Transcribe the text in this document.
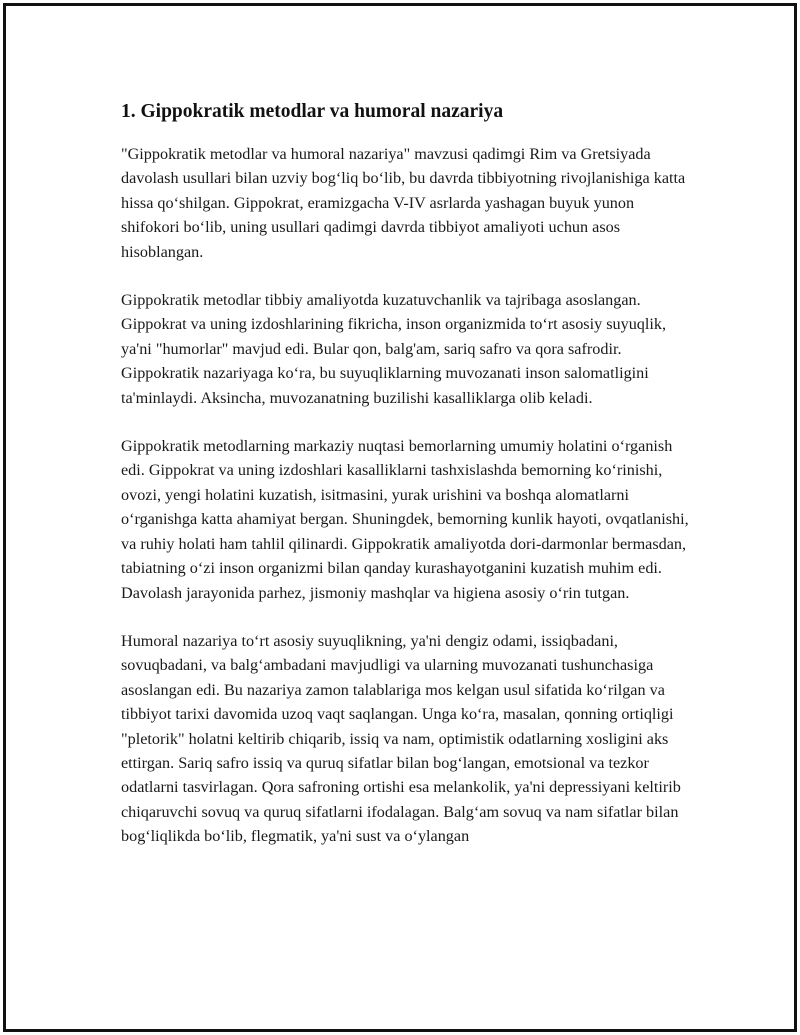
1. Gippokratik metodlar va humoral nazariya

"Gippokratik metodlar va humoral nazariya" mavzusi qadimgi Rim va Gretsiyada davolash usullari bilan uzviy bog‘liq bo‘lib, bu davrda tibbiyotning rivojlanishiga katta hissa qo‘shilgan. Gippokrat, eramizgacha V-IV asrlarda yashagan buyuk yunon shifokori bo‘lib, uning usullari qadimgi davrda tibbiyot amaliyoti uchun asos hisoblangan.

Gippokratik metodlar tibbiy amaliyotda kuzatuvchanlik va tajribaga asoslangan. Gippokrat va uning izdoshlarining fikricha, inson organizmida to‘rt asosiy suyuqlik, ya'ni "humorlar" mavjud edi. Bular qon, balg'am, sariq safro va qora safrodir. Gippokratik nazariyaga ko‘ra, bu suyuqliklarning muvozanati inson salomatligini ta'minlaydi. Aksincha, muvozanatning buzilishi kasalliklarga olib keladi.

Gippokratik metodlarning markaziy nuqtasi bemorlarning umumiy holatini o‘rganish edi. Gippokrat va uning izdoshlari kasalliklarni tashxislashda bemorning ko‘rinishi, ovozi, yengi holatini kuzatish, isitmasini, yurak urishini va boshqa alomatlarni o‘rganishga katta ahamiyat bergan. Shuningdek, bemorning kunlik hayoti, ovqatlanishi, va ruhiy holati ham tahlil qilinardi. Gippokratik amaliyotda dori-darmonlar bermasdan, tabiatning o‘zi inson organizmi bilan qanday kurashayotganini kuzatish muhim edi. Davolash jarayonida parhez, jismoniy mashqlar va higiena asosiy o‘rin tutgan.

Humoral nazariya to‘rt asosiy suyuqlikning, ya'ni dengiz odami, issiqbadani, sovuqbadani, va balg‘ambadani mavjudligi va ularning muvozanati tushunchasiga asoslangan edi. Bu nazariya zamon talablariga mos kelgan usul sifatida ko‘rilgan va tibbiyot tarixi davomida uzoq vaqt saqlangan. Unga ko‘ra, masalan, qonning ortiqligi "pletorik" holatni keltirib chiqarib, issiq va nam, optimistik odatlarning xosligini aks ettirgan. Sariq safro issiq va quruq sifatlar bilan bog‘langan, emotsional va tezkor odatlarni tasvirlagan. Qora safroning ortishi esa melankolik, ya'ni depressiyani keltirib chiqaruvchi sovuq va quruq sifatlarni ifodalagan. Balg‘am sovuq va nam sifatlar bilan bog‘liqlikda bo‘lib, flegmatik, ya'ni sust va o‘ylangan
